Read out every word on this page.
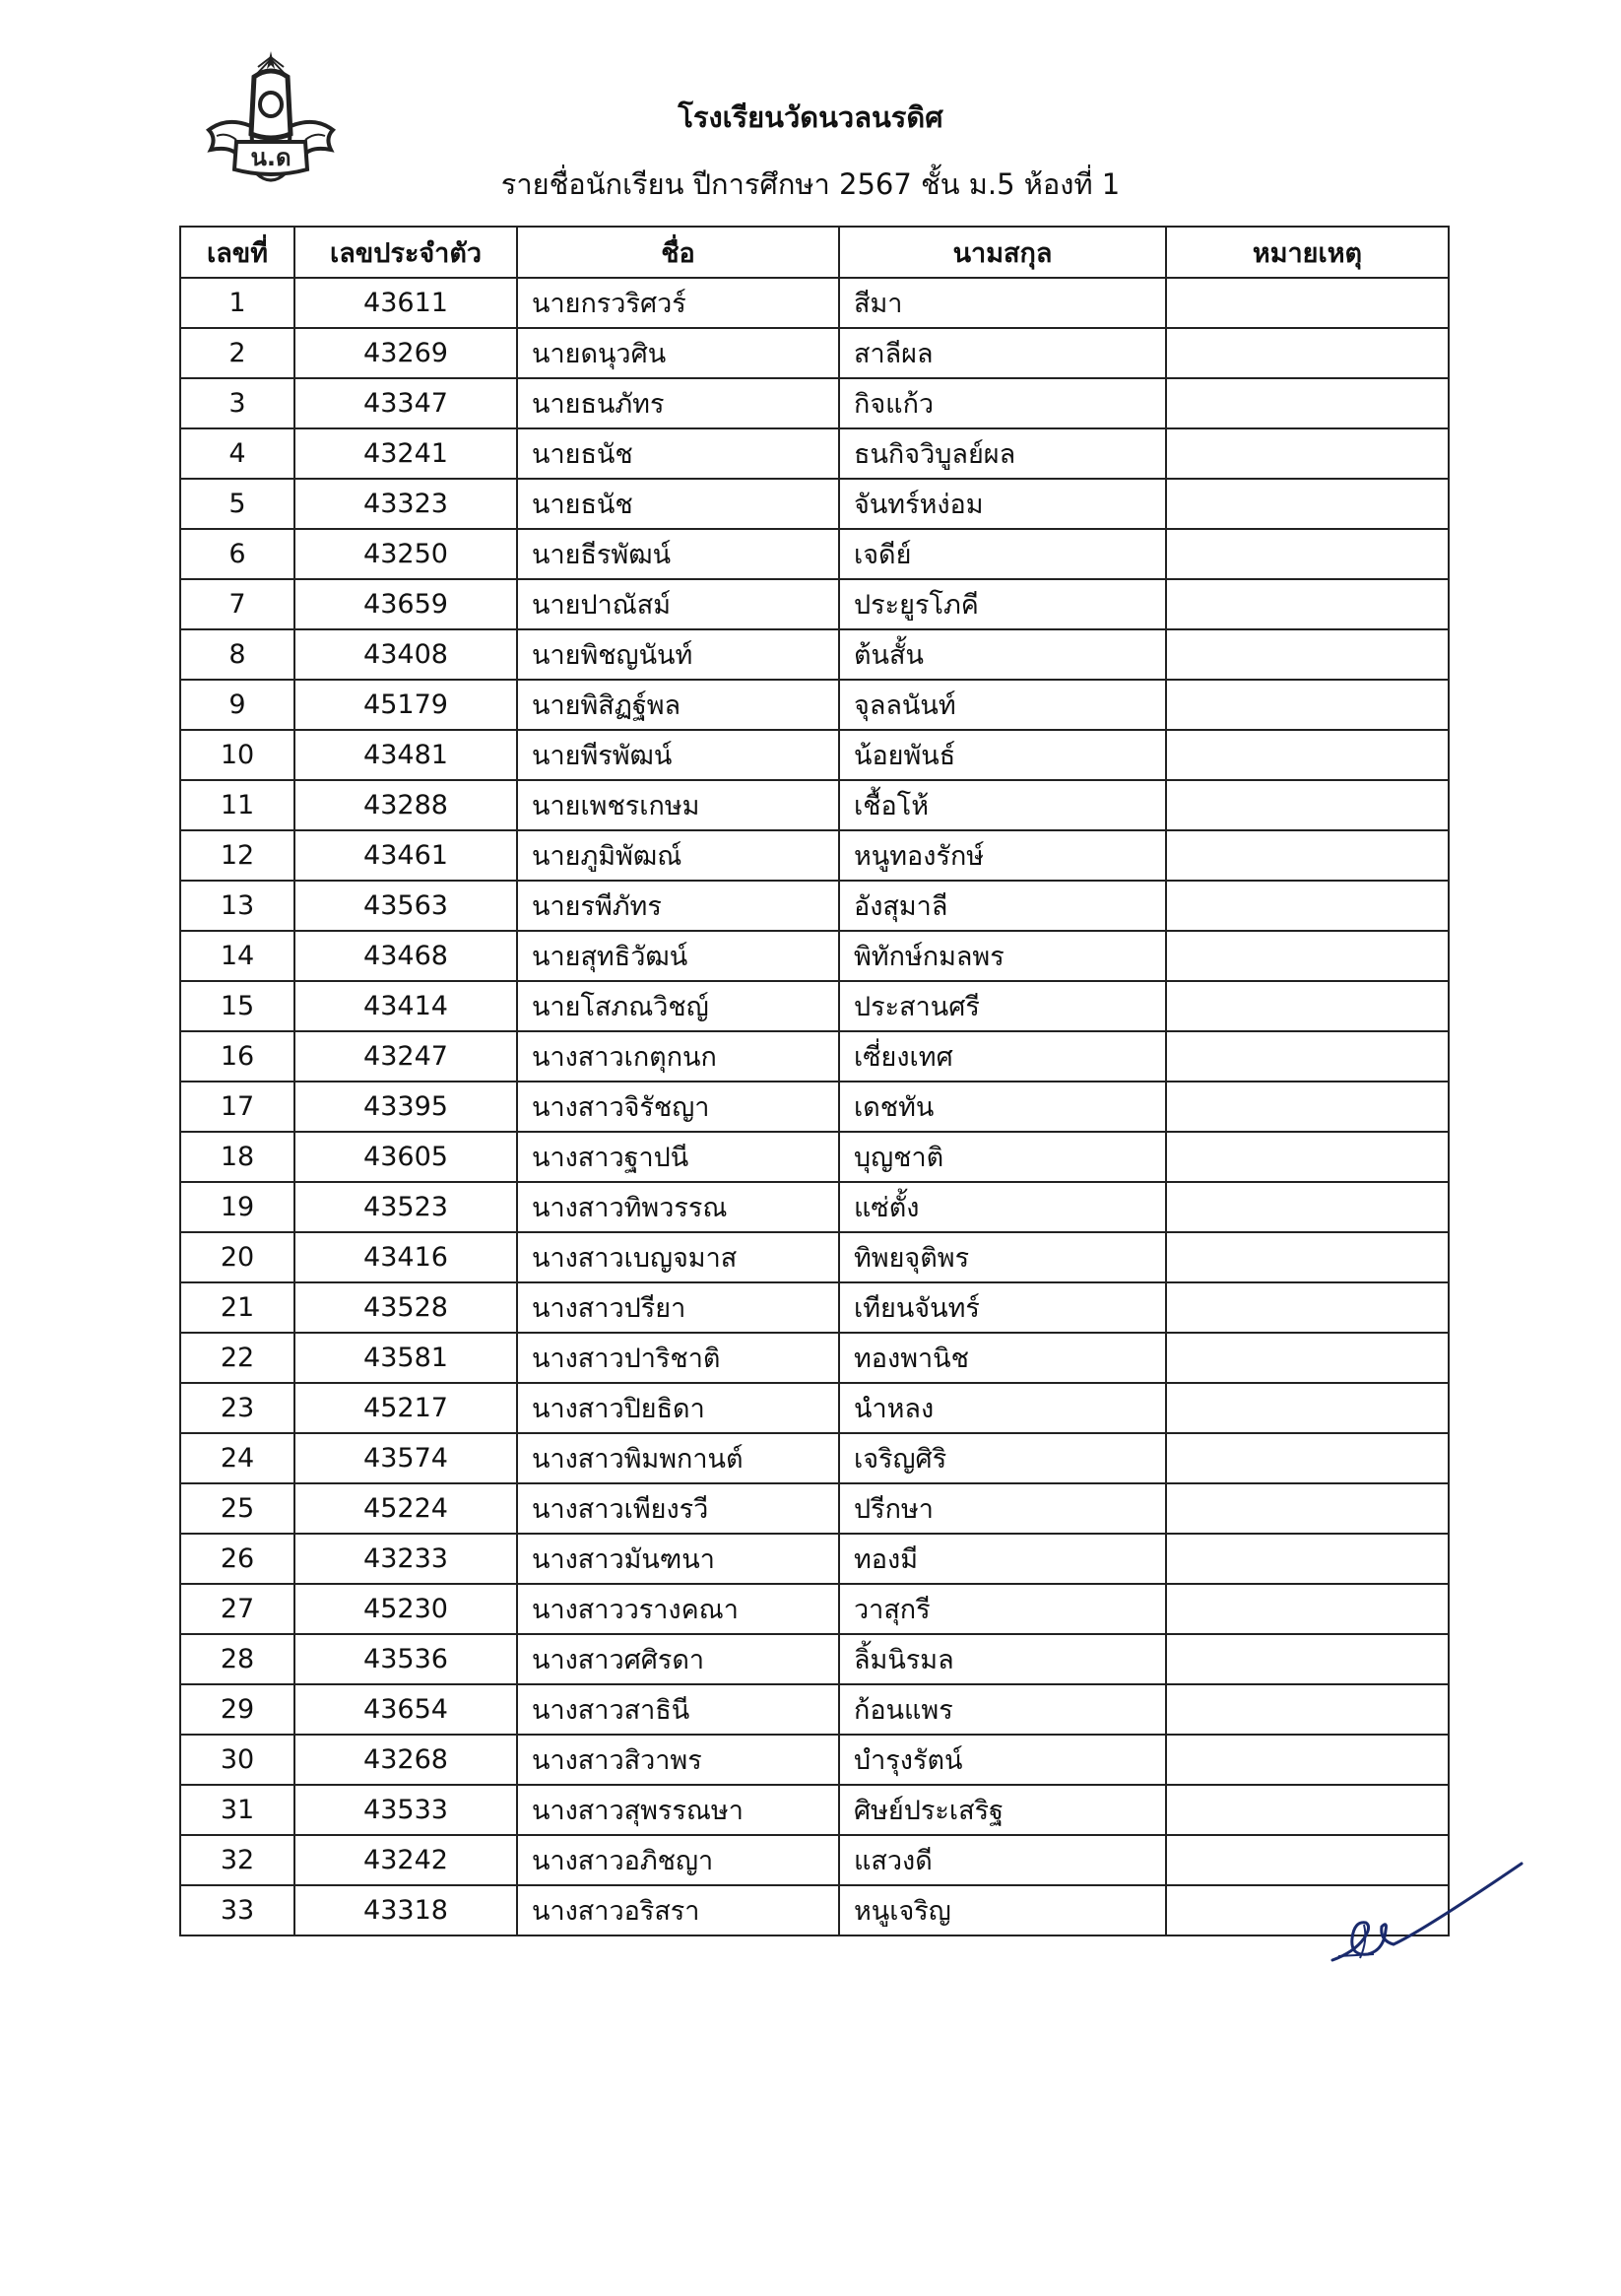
น.ด
โรงเรียนวัดนวลนรดิศ
รายชื่อนักเรียน ปีการศึกษา 2567 ชั้น ม.5 ห้องที่ 1
เลขที่	เลขประจำตัว	ชื่อ	นามสกุล	หมายเหตุ
1	43611	นายกรวริศวร์	สีมา	
2	43269	นายดนุวศิน	สาลีผล	
3	43347	นายธนภัทร	กิจแก้ว	
4	43241	นายธนัช	ธนกิจวิบูลย์ผล	
5	43323	นายธนัช	จันทร์หง่อม	
6	43250	นายธีรพัฒน์	เจดีย์	
7	43659	นายปาณัสม์	ประยูรโภคี	
8	43408	นายพิชญนันท์	ต้นสั้น	
9	45179	นายพิสิฏฐ์พล	จุลลนันท์	
10	43481	นายพีรพัฒน์	น้อยพันธ์	
11	43288	นายเพชรเกษม	เชื้อโห้	
12	43461	นายภูมิพัฒณ์	หนูทองรักษ์	
13	43563	นายรพีภัทร	อังสุมาลี	
14	43468	นายสุทธิวัฒน์	พิทักษ์กมลพร	
15	43414	นายโสภณวิชญ์	ประสานศรี	
16	43247	นางสาวเกตุกนก	เซี่ยงเทศ	
17	43395	นางสาวจิรัชญา	เดชทัน	
18	43605	นางสาวฐาปนี	บุญชาติ	
19	43523	นางสาวทิพวรรณ	แซ่ตั้ง	
20	43416	นางสาวเบญจมาส	ทิพยจุติพร	
21	43528	นางสาวปรียา	เทียนจันทร์	
22	43581	นางสาวปาริชาติ	ทองพานิช	
23	45217	นางสาวปิยธิดา	นำหลง	
24	43574	นางสาวพิมพกานต์	เจริญศิริ	
25	45224	นางสาวเพียงรวี	ปรีกษา	
26	43233	นางสาวมันฑนา	ทองมี	
27	45230	นางสาววรางคณา	วาสุกรี	
28	43536	นางสาวศศิรดา	ลิ้มนิรมล	
29	43654	นางสาวสาธินี	ก้อนแพร	
30	43268	นางสาวสิวาพร	บำรุงรัตน์	
31	43533	นางสาวสุพรรณษา	ศิษย์ประเสริฐ	
32	43242	นางสาวอภิชญา	แสวงดี	
33	43318	นางสาวอริสรา	หนูเจริญ	
